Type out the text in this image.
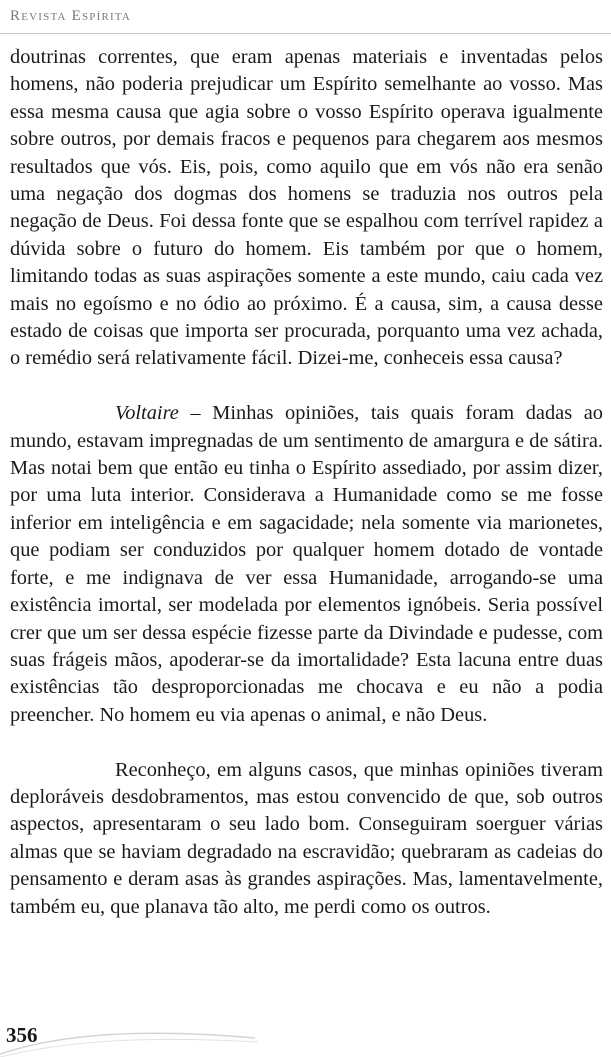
Revista Espírita

doutrinas correntes, que eram apenas materiais e inventadas pelos homens, não poderia prejudicar um Espírito semelhante ao vosso. Mas essa mesma causa que agia sobre o vosso Espírito operava igualmente sobre outros, por demais fracos e pequenos para chegarem aos mesmos resultados que vós. Eis, pois, como aquilo que em vós não era senão uma negação dos dogmas dos homens se traduzia nos outros pela negação de Deus. Foi dessa fonte que se espalhou com terrível rapidez a dúvida sobre o futuro do homem. Eis também por que o homem, limitando todas as suas aspirações somente a este mundo, caiu cada vez mais no egoísmo e no ódio ao próximo. É a causa, sim, a causa desse estado de coisas que importa ser procurada, porquanto uma vez achada, o remédio será relativamente fácil. Dizei-me, conheceis essa causa?

Voltaire – Minhas opiniões, tais quais foram dadas ao mundo, estavam impregnadas de um sentimento de amargura e de sátira. Mas notai bem que então eu tinha o Espírito assediado, por assim dizer, por uma luta interior. Considerava a Humanidade como se me fosse inferior em inteligência e em sagacidade; nela somente via marionetes, que podiam ser conduzidos por qualquer homem dotado de vontade forte, e me indignava de ver essa Humanidade, arrogando-se uma existência imortal, ser modelada por elementos ignóbeis. Seria possível crer que um ser dessa espécie fizesse parte da Divindade e pudesse, com suas frágeis mãos, apoderar-se da imortalidade? Esta lacuna entre duas existências tão desproporcionadas me chocava e eu não a podia preencher. No homem eu via apenas o animal, e não Deus.

Reconheço, em alguns casos, que minhas opiniões tiveram deploráveis desdobramentos, mas estou convencido de que, sob outros aspectos, apresentaram o seu lado bom. Conseguiram soerguer várias almas que se haviam degradado na escravidão; quebraram as cadeias do pensamento e deram asas às grandes aspirações. Mas, lamentavelmente, também eu, que planava tão alto, me perdi como os outros.

356
